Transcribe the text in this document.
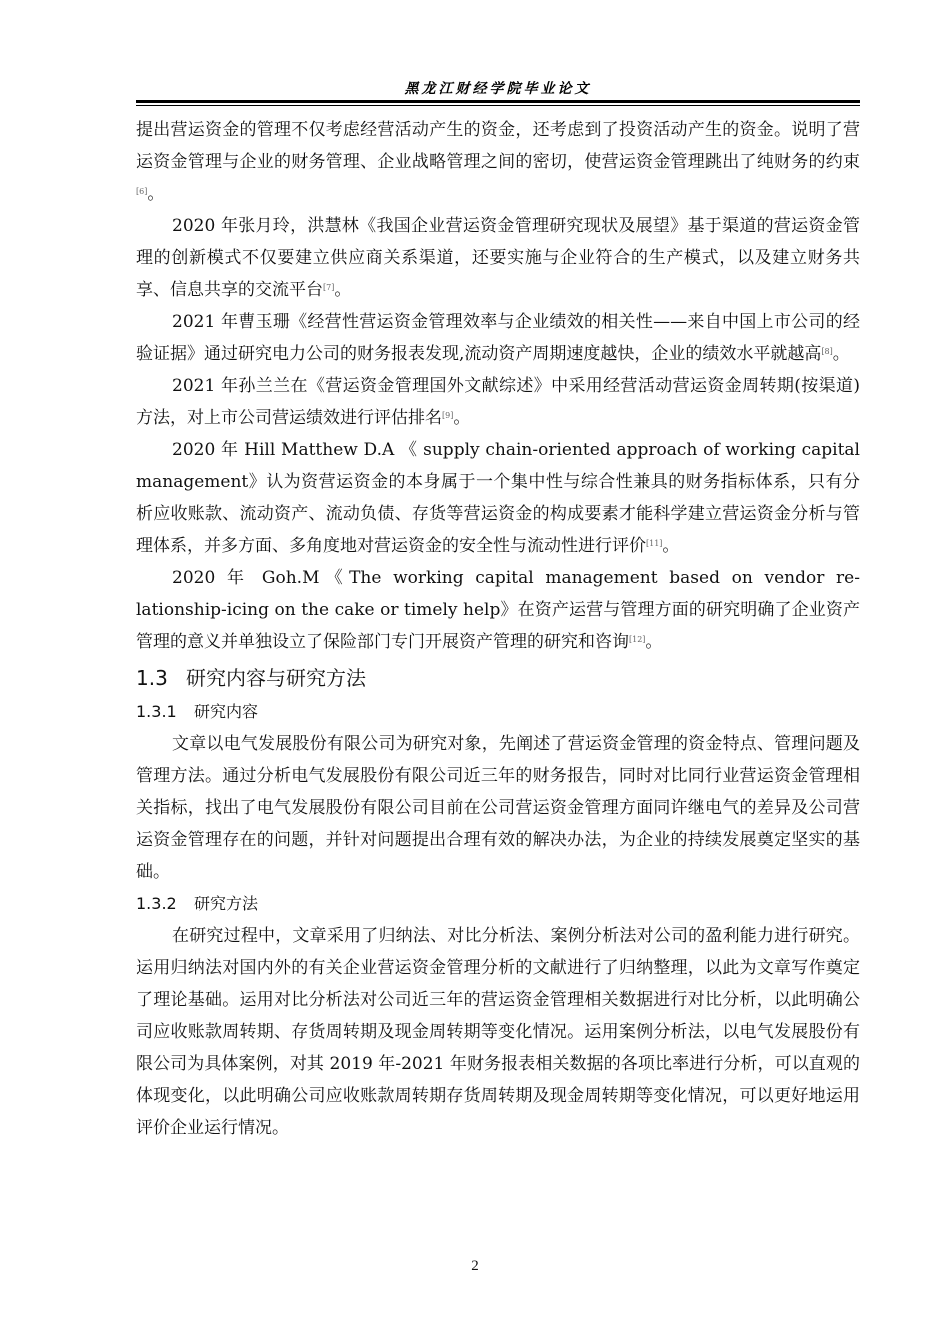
黑龙江财经学院毕业论文

提出营运资金的管理不仅考虑经营活动产生的资金，还考虑到了投资活动产生的资金。说明了营运资金管理与企业的财务管理、企业战略管理之间的密切，使营运资金管理跳出了纯财务的约束[6]。

2020 年张月玲，洪慧林《我国企业营运资金管理研究现状及展望》基于渠道的营运资金管理的创新模式不仅要建立供应商关系渠道，还要实施与企业符合的生产模式，以及建立财务共享、信息共享的交流平台[7]。

2021 年曹玉珊《经营性营运资金管理效率与企业绩效的相关性——来自中国上市公司的经验证据》通过研究电力公司的财务报表发现,流动资产周期速度越快，企业的绩效水平就越高[8]。

2021 年孙兰兰在《营运资金管理国外文献综述》中采用经营活动营运资金周转期(按渠道)方法，对上市公司营运绩效进行评估排名[9]。

2020 年 Hill Matthew D.A 《 supply chain-oriented approach of working capital management》认为资营运资金的本身属于一个集中性与综合性兼具的财务指标体系，只有分析应收账款、流动资产、流动负债、存货等营运资金的构成要素才能科学建立营运资金分析与管理体系，并多方面、多角度地对营运资金的安全性与流动性进行评价[11]。

2020 年 Goh.M《The working capital management based on vendor re-lationship-icing on the cake or timely help》在资产运营与管理方面的研究明确了企业资产管理的意义并单独设立了保险部门专门开展资产管理的研究和咨询[12]。

1.3 研究内容与研究方法
1.3.1 研究内容

文章以电气发展股份有限公司为研究对象，先阐述了营运资金管理的资金特点、管理问题及管理方法。通过分析电气发展股份有限公司近三年的财务报告，同时对比同行业营运资金管理相关指标，找出了电气发展股份有限公司目前在公司营运资金管理方面同许继电气的差异及公司营运资金管理存在的问题，并针对问题提出合理有效的解决办法，为企业的持续发展奠定坚实的基础。

1.3.2 研究方法

在研究过程中，文章采用了归纳法、对比分析法、案例分析法对公司的盈利能力进行研究。运用归纳法对国内外的有关企业营运资金管理分析的文献进行了归纳整理，以此为文章写作奠定了理论基础。运用对比分析法对公司近三年的营运资金管理相关数据进行对比分析，以此明确公司应收账款周转期、存货周转期及现金周转期等变化情况。运用案例分析法，以电气发展股份有限公司为具体案例，对其 2019 年-2021 年财务报表相关数据的各项比率进行分析，可以直观的体现变化，以此明确公司应收账款周转期存货周转期及现金周转期等变化情况，可以更好地运用评价企业运行情况。

2
